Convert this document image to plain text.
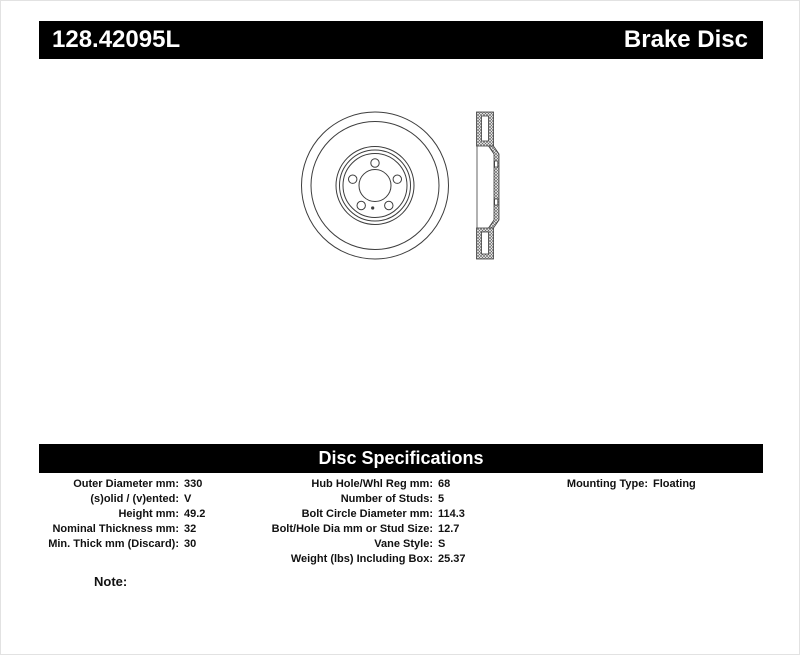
128.42095L	Brake Disc
Disc Specifications
Outer Diameter mm : 330
(s)olid / (v)ented : V
Height mm : 49.2
Nominal Thickness mm : 32
Min. Thick mm (Discard) : 30
Hub Hole/Whl Reg mm : 68
Number of Studs : 5
Bolt Circle Diameter mm : 114.3
Bolt/Hole Dia mm or Stud Size : 12.7
Vane Style : S
Weight (lbs) Including Box : 25.37
Mounting Type : Floating
Note:
